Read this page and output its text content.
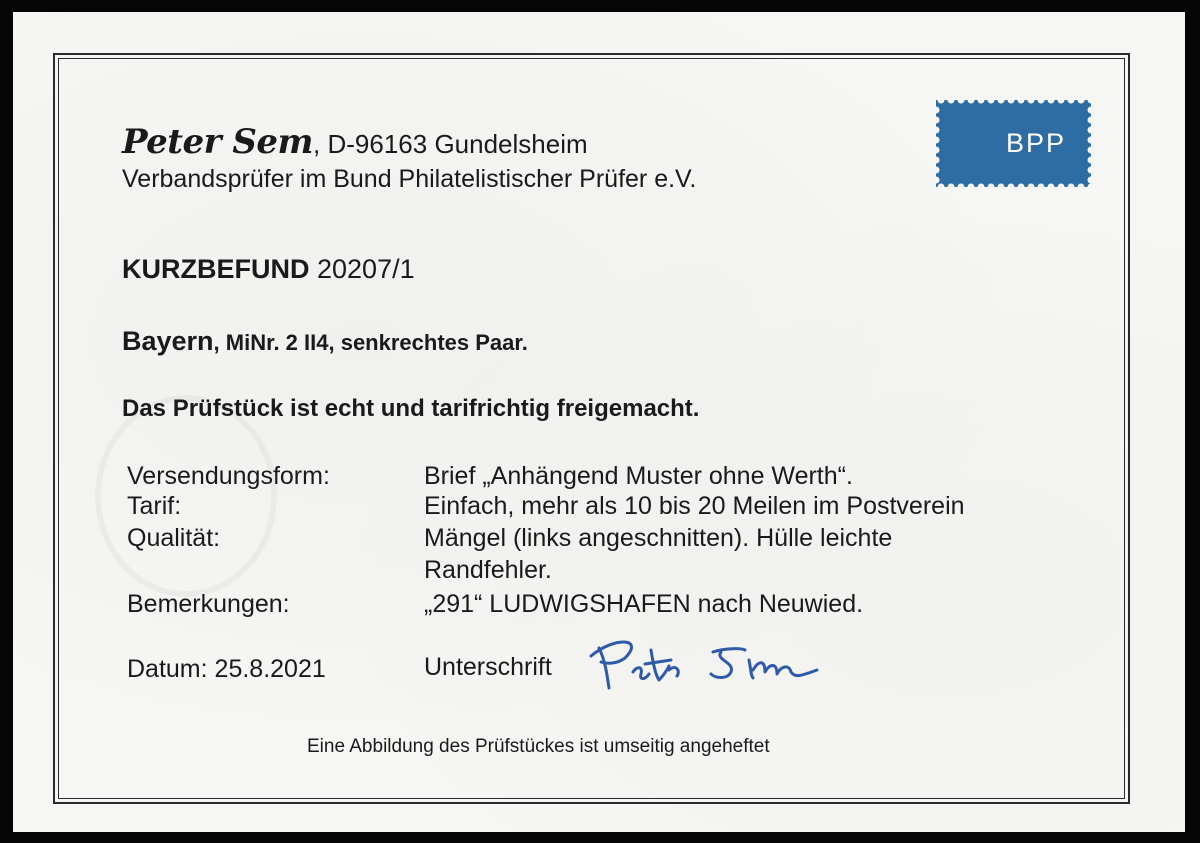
Peter Sem, D-96163 Gundelsheim
Verbandsprüfer im Bund Philatelistischer Prüfer e.V.
BPP
KURZBEFUND 20207/1
Bayern, MiNr. 2 II4, senkrechtes Paar.
Das Prüfstück ist echt und tarifrichtig freigemacht.
Versendungsform:	Brief „Anhängend Muster ohne Werth“.
Tarif:	Einfach, mehr als 10 bis 20 Meilen im Postverein
Qualität:	Mängel (links angeschnitten). Hülle leichte
Randfehler.
Bemerkungen:	„291“ LUDWIGSHAFEN nach Neuwied.
Datum: 25.8.2021	Unterschrift
Eine Abbildung des Prüfstückes ist umseitig angeheftet
